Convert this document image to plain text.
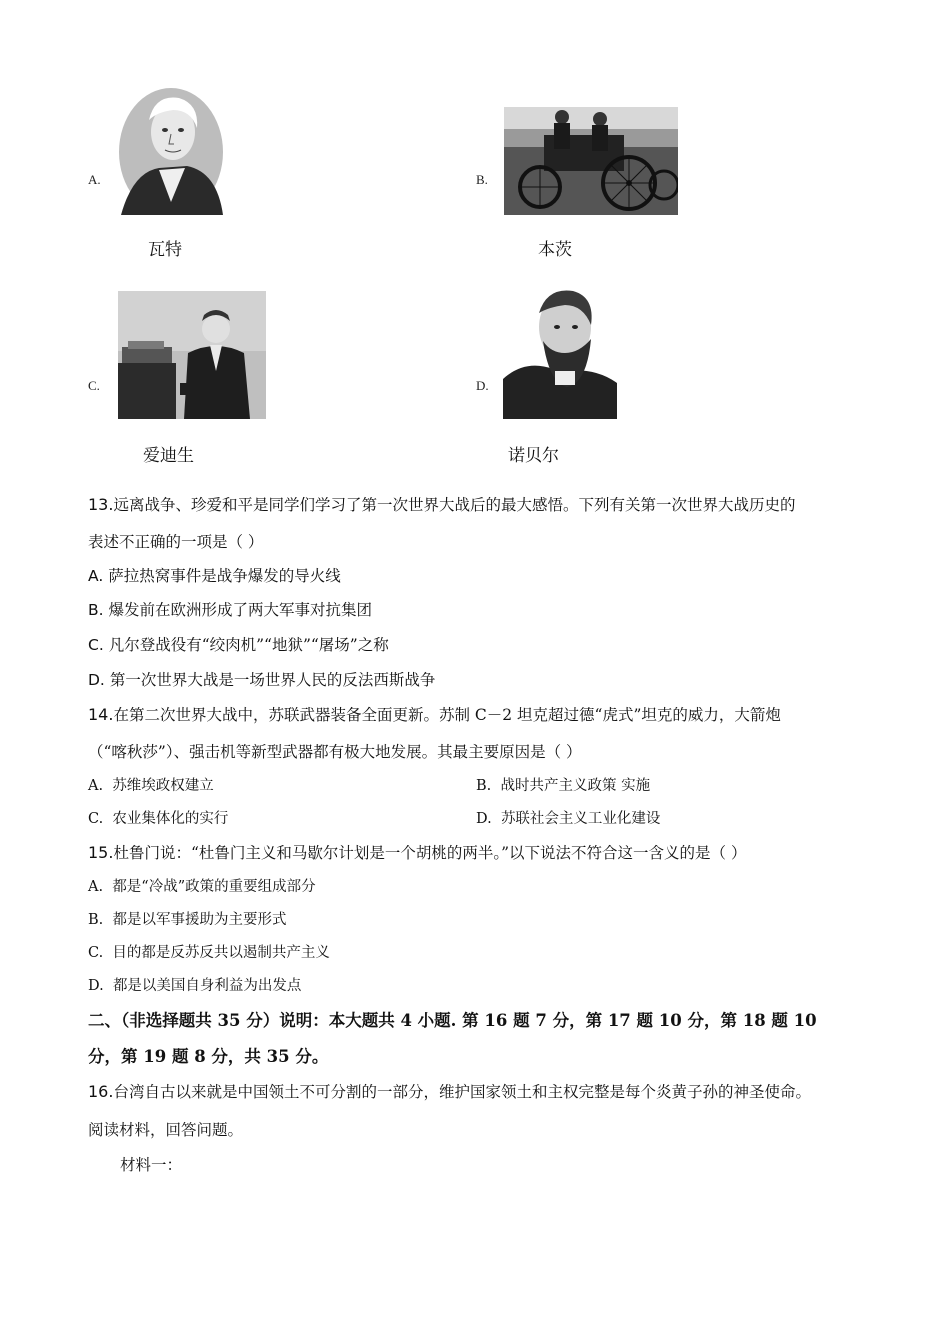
A.
瓦特
B.
本茨
C.
爱迪生
D.
诺贝尔
13.远离战争、珍爱和平是同学们学习了第一次世界大战后的最大感悟。下列有关第一次世界大战历史的
表述不正确的一项是（ ）
A. 萨拉热窝事件是战争爆发的导火线
B. 爆发前在欧洲形成了两大军事对抗集团
C. 凡尔登战役有“绞肉机”“地狱”“屠场”之称
D. 第一次世界大战是一场世界人民的反法西斯战争
14.在第二次世界大战中，苏联武器装备全面更新。苏制 C－2 坦克超过德“虎式”坦克的威力，大箭炮
（“喀秋莎”）、强击机等新型武器都有极大地发展。其最主要原因是（ ）
A. 苏维埃政权建立	B. 战时共产主义政策 实施
C. 农业集体化的实行	D. 苏联社会主义工业化建设
15.杜鲁门说：“杜鲁门主义和马歇尔计划是一个胡桃的两半。”以下说法不符合这一含义的是（ ）
A. 都是“冷战”政策的重要组成部分
B. 都是以军事援助为主要形式
C. 目的都是反苏反共以遏制共产主义
D. 都是以美国自身利益为出发点
二、（非选择题共 35 分）说明：本大题共 4 小题. 第 16 题 7 分，第 17 题 10 分，第 18 题 10
分，第 19 题 8 分，共 35 分。
16.台湾自古以来就是中国领土不可分割的一部分，维护国家领土和主权完整是每个炎黄子孙的神圣使命。
阅读材料，回答问题。
材料一：
